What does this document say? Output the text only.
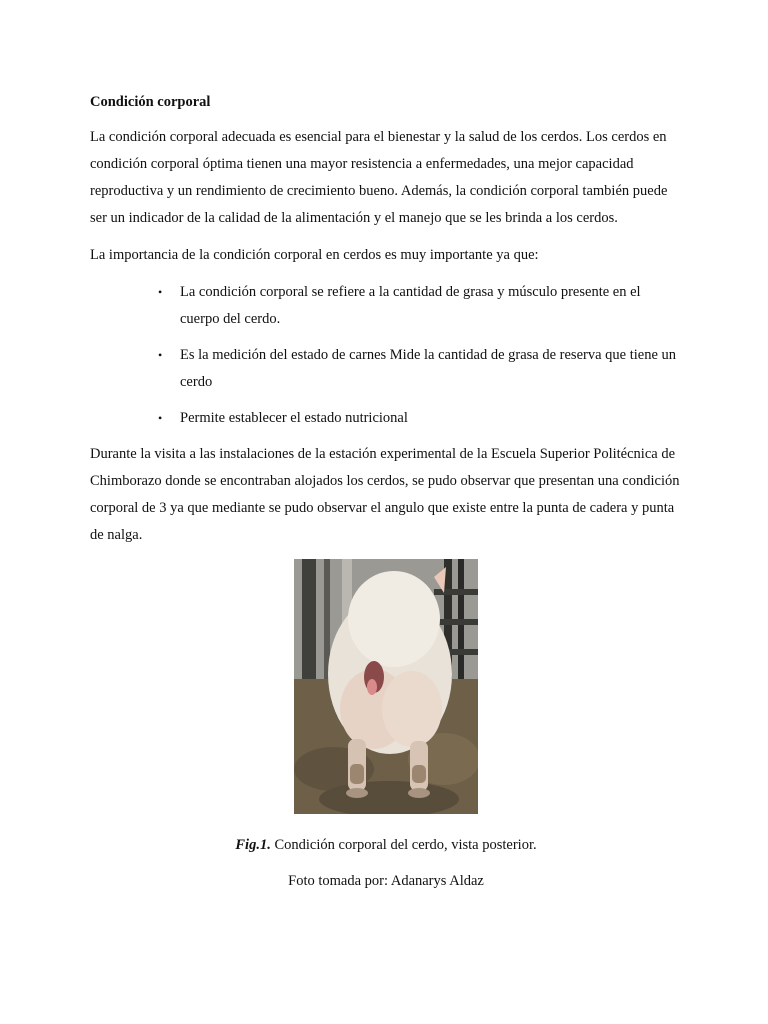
Condición corporal

La condición corporal adecuada es esencial para el bienestar y la salud de los cerdos. Los cerdos en condición corporal óptima tienen una mayor resistencia a enfermedades, una mejor capacidad reproductiva y un rendimiento de crecimiento bueno. Además, la condición corporal también puede ser un indicador de la calidad de la alimentación y el manejo que se les brinda a los cerdos.

La importancia de la condición corporal en cerdos es muy importante ya que:

• La condición corporal se refiere a la cantidad de grasa y músculo presente en el cuerpo del cerdo.
• Es la medición del estado de carnes Mide la cantidad de grasa de reserva que tiene un cerdo
• Permite establecer el estado nutricional

Durante la visita a las instalaciones de la estación experimental de la Escuela Superior Politécnica de Chimborazo donde se encontraban alojados los cerdos, se pudo observar que presentan una condición corporal de 3 ya que mediante se pudo observar el angulo que existe entre la punta de cadera y punta de nalga.

Fig.1. Condición corporal del cerdo, vista posterior.
Foto tomada por: Adanarys Aldaz
